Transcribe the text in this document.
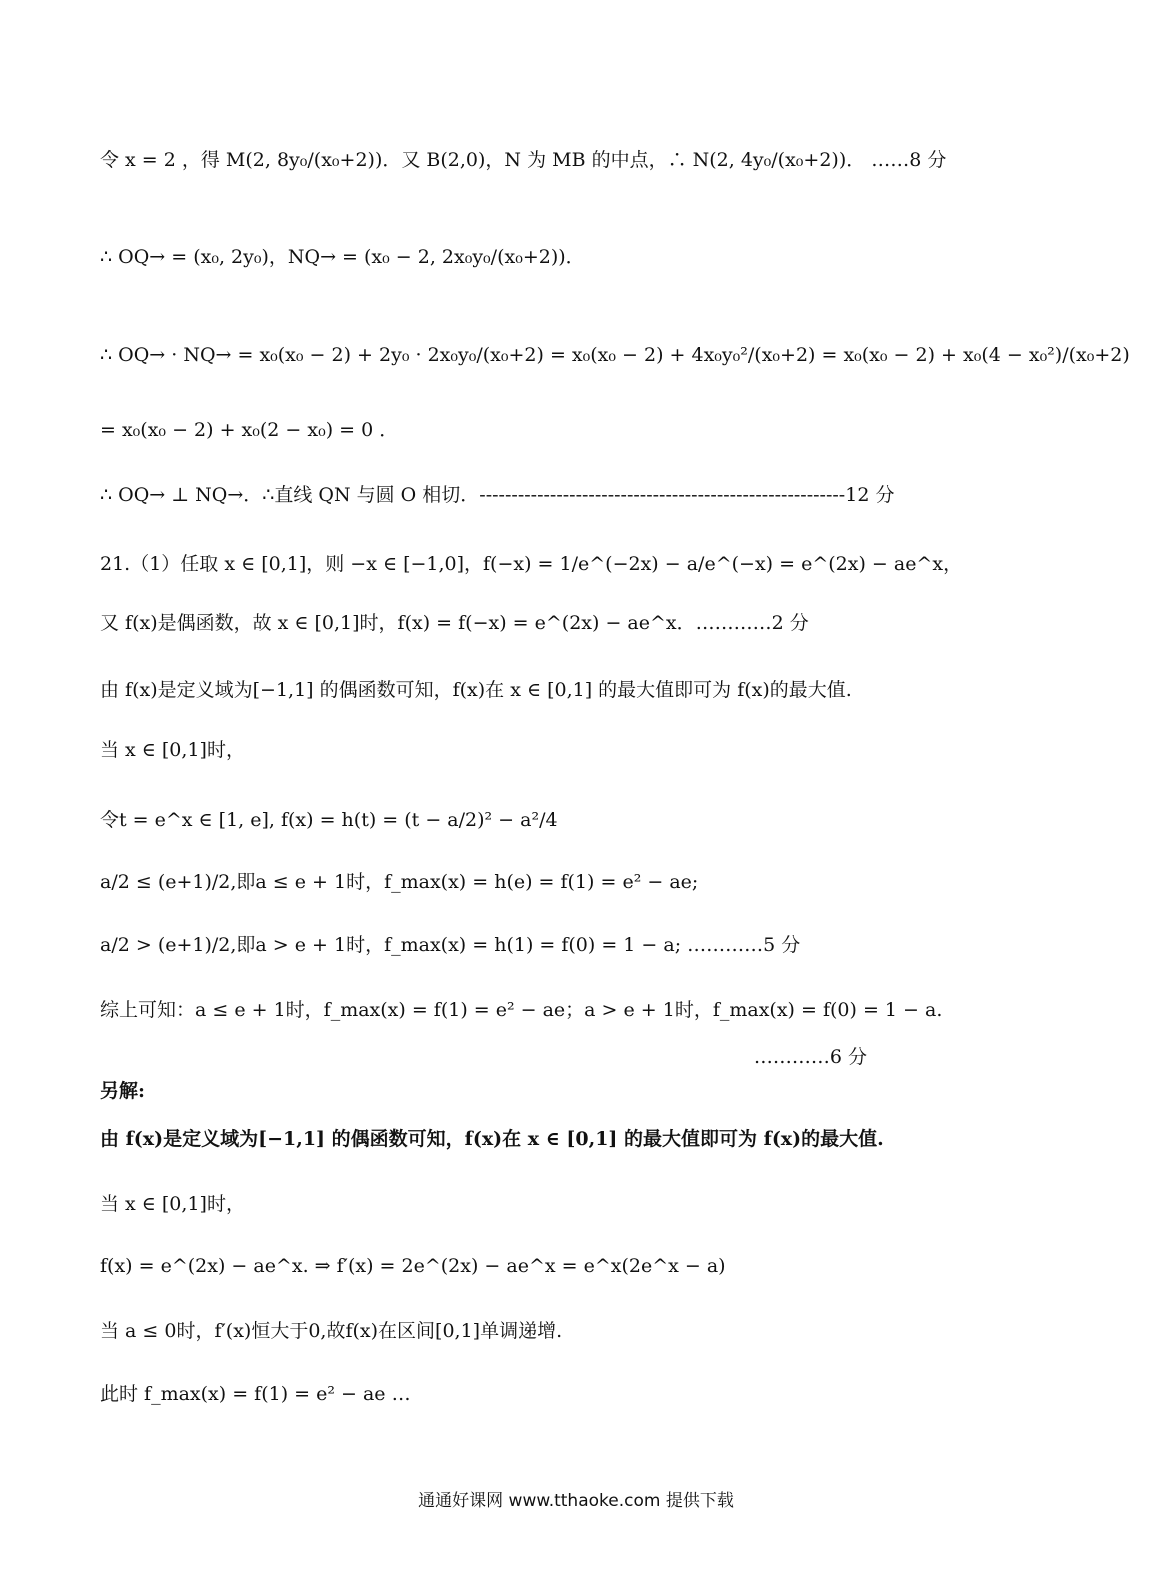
令 x = 2 ，得 M(2, 8y₀/(x₀+2))．又 B(2,0)，N 为 MB 的中点，∴ N(2, 4y₀/(x₀+2))． ……8 分
∴ OQ→ = (x₀, 2y₀)，NQ→ = (x₀ − 2, 2x₀y₀/(x₀+2))．
∴ OQ→ · NQ→ = x₀(x₀ − 2) + 2y₀ · 2x₀y₀/(x₀+2) = x₀(x₀ − 2) + 4x₀y₀²/(x₀+2) = x₀(x₀ − 2) + x₀(4 − x₀²)/(x₀+2)
= x₀(x₀ − 2) + x₀(2 − x₀) = 0 ．
∴ OQ→ ⊥ NQ→．∴直线 QN 与圆 O 相切．---------------------------------------------------------12 分
21.（1）任取 x ∈ [0,1]，则 −x ∈ [−1,0]，f(−x) = 1/e^(−2x) − a/e^(−x) = e^(2x) − ae^x，
又 f(x)是偶函数，故 x ∈ [0,1]时，f(x) = f(−x) = e^(2x) − ae^x．…………2 分
由 f(x)是定义域为[−1,1] 的偶函数可知，f(x)在 x ∈ [0,1] 的最大值即可为 f(x)的最大值.
当 x ∈ [0,1]时，
令t = e^x ∈ [1, e], f(x) = h(t) = (t − a/2)² − a²/4
a/2 ≤ (e+1)/2,即a ≤ e + 1时，f_max(x) = h(e) = f(1) = e² − ae;
a/2 > (e+1)/2,即a > e + 1时，f_max(x) = h(1) = f(0) = 1 − a; …………5 分
综上可知：a ≤ e + 1时，f_max(x) = f(1) = e² − ae；a > e + 1时，f_max(x) = f(0) = 1 − a.
…………6 分
另解:
由 f(x)是定义域为[−1,1] 的偶函数可知，f(x)在 x ∈ [0,1] 的最大值即可为 f(x)的最大值.
当 x ∈ [0,1]时，
f(x) = e^(2x) − ae^x. ⇒ f′(x) = 2e^(2x) − ae^x = e^x(2e^x − a)
当 a ≤ 0时，f′(x)恒大于0,故f(x)在区间[0,1]单调递增.
此时 f_max(x) = f(1) = e² − ae …
通通好课网 www.tthaoke.com 提供下载
